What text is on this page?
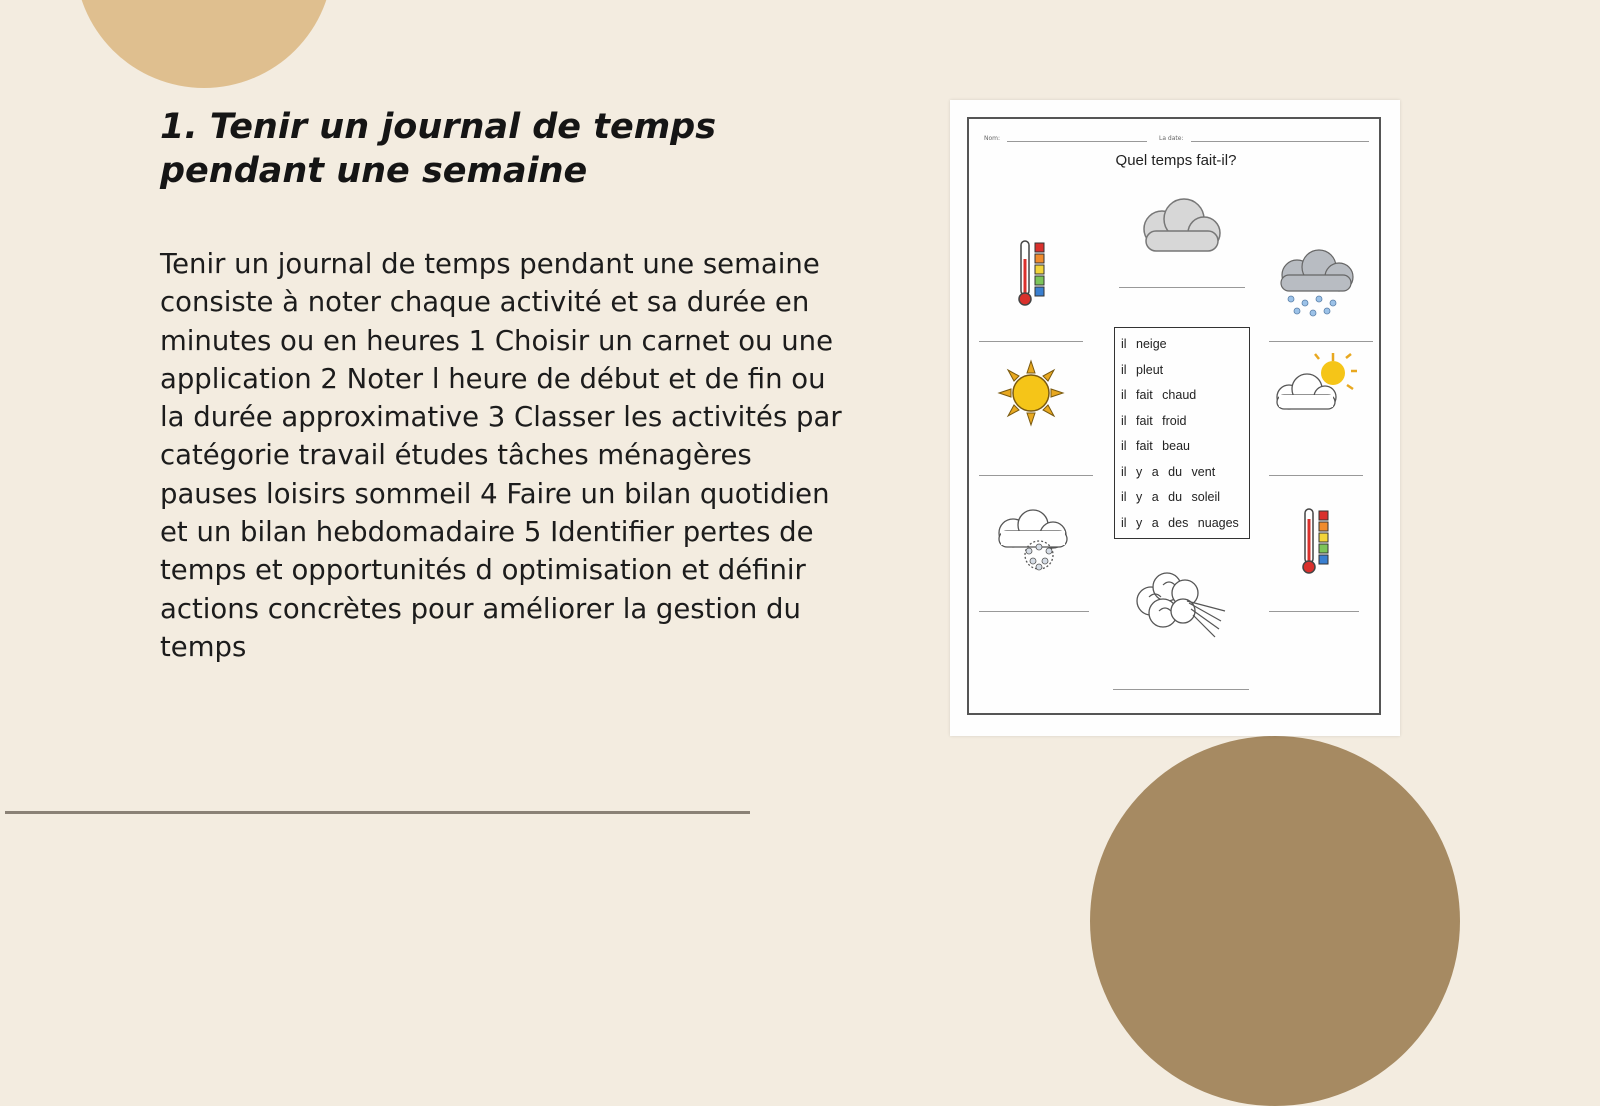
1. Tenir un journal de temps pendant une semaine

Tenir un journal de temps pendant une semaine consiste à noter chaque activité et sa durée en minutes ou en heures 1 Choisir un carnet ou une application 2 Noter l heure de début et de fin ou la durée approximative 3 Classer les activités par catégorie travail études tâches ménagères pauses loisirs sommeil 4 Faire un bilan quotidien et un bilan hebdomadaire 5 Identifier pertes de temps et opportunités d optimisation et définir actions concrètes pour améliorer la gestion du temps

Nom:	La date:
Quel temps fait-il?
il neige
il pleut
il fait chaud
il fait froid
il fait beau
il y a du vent
il y a du soleil
il y a des nuages
